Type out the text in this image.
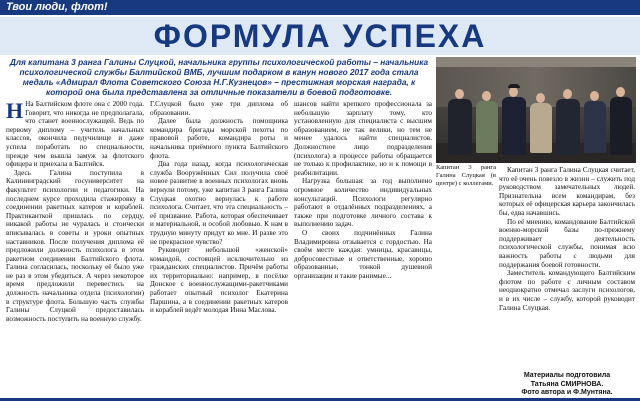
Твои люди, флот!
ФОРМУЛА УСПЕХА
Для капитана 3 ранга Галины Слуцкой, начальника группы психологической работы – начальника психологической службы Балтийской ВМБ, лучшим подарком в канун нового 2017 года стала медаль «Адмирал Флота Советского Союза Н.Г.Кузнецов» – престижная морская награда, к которой она была представлена за отличные показатели в боевой подготовке.
Н На Балтийском флоте она с 2000 года. Говорит, что никогда не предполагала, что станет военнослужащей. Ведь по первому диплому – учитель начальных классов, окончила педучилище и даже успела поработать по специальности, прежде чем вышла замуж за флотского офицера и приехала в Балтийск.

Здесь Галина поступила в Калининградский госуниверситет на факультет психологии и педагогики. На последнем курсе проходила стажировку в соединении ракетных катеров и кораблей. Практиканткой пришлась по сердцу, никакой работы не чуралась и стоически вписывалась в советы и уроки опытных наставников. После получения диплома её предложили должность психолога в этом ракетном соединении Балтийского флота. Галина согласилась, поскольку её было уже не раз в этом убедиться. А через некоторое время предложили перевестись на должность начальника отдела (психологии) в структуре флота. Большую часть службы Галины Слуцкой предоставилась возможность поступить на военную службу.

Г.Слуцкой было уже три диплома об образовании.

Далее была должность помощника командира бригады морской пехоты по правовой работе, командира роты и начальника приёмного пункта Балтийского флота.

Два года назад, когда психологическая служба Вооружённых Сил получила своё новое развитие в военных психологах вновь вернули потому, уже капитан 3 ранга Галина Слуцкая охотно вернулась к работе психолога. Считает, что эта специальность – её призвание. Работа, которая обеспечивает и материальной, и особой любовью. К нам в трудную минуту придут ко мне. И разве это не прекрасное чувство?

Руководит небольшой «женской» командой, состоящей исключительно из гражданских специалистов. Причём работы их территориально: например, в посёлке Донское с военнослужащими-ракетчиками работает опытный психолог Екатерина Паршина, а в соединении ракетных катеров и кораблей ведёт молодая Инна Маслова.

шансов найти крепкого профессионала за небольшую зарплату тому, кто установленную для специалиста с высшим образованием, не так велики, но тем не менее удалось найти специалистов. Должностное лицо подразделения (психолога) в процессе работы обращается не только к профилактике, но и к помощи в реабилитации.

Нагрузка большая: за год выполнено огромное количество индивидуальных консультаций. Психологи регулярно работают в отдалённых подразделениях, а также при подготовке личного состава к выполнению задач.

О своих подчинённых Галина Владимировна отзывается с гордостью. На своём месте каждая: умницы, красавицы, добросовестные и ответственные, хорошо образованные, тонкой душевной организации и такие ранимые...

Капитан 3 ранга Галина Слуцкая (в центре) с коллегами.

Капитан 3 ранга Галина Слуцкая считает, что её очень повезло в жизни – служить под руководством замечательных людей. Признательна всем командирам, без которых её офицерская карьера закончилась бы, едва начавшись.

По её мнению, командование Балтийской военно-морской базы по-прежнему поддерживает деятельность психологической службы, понимая всю важность работы с людьми для поддержания боевой готовности.

Заместитель командующего Балтийским флотом по работе с личным составом неоднократно отмечал заслуги психологов, и в их числе – службу, которой руководит Галина Слуцкая.

Материалы подготовила
Татьяна СМИРНОВА.
Фото автора и Ф.Мунтяна.
